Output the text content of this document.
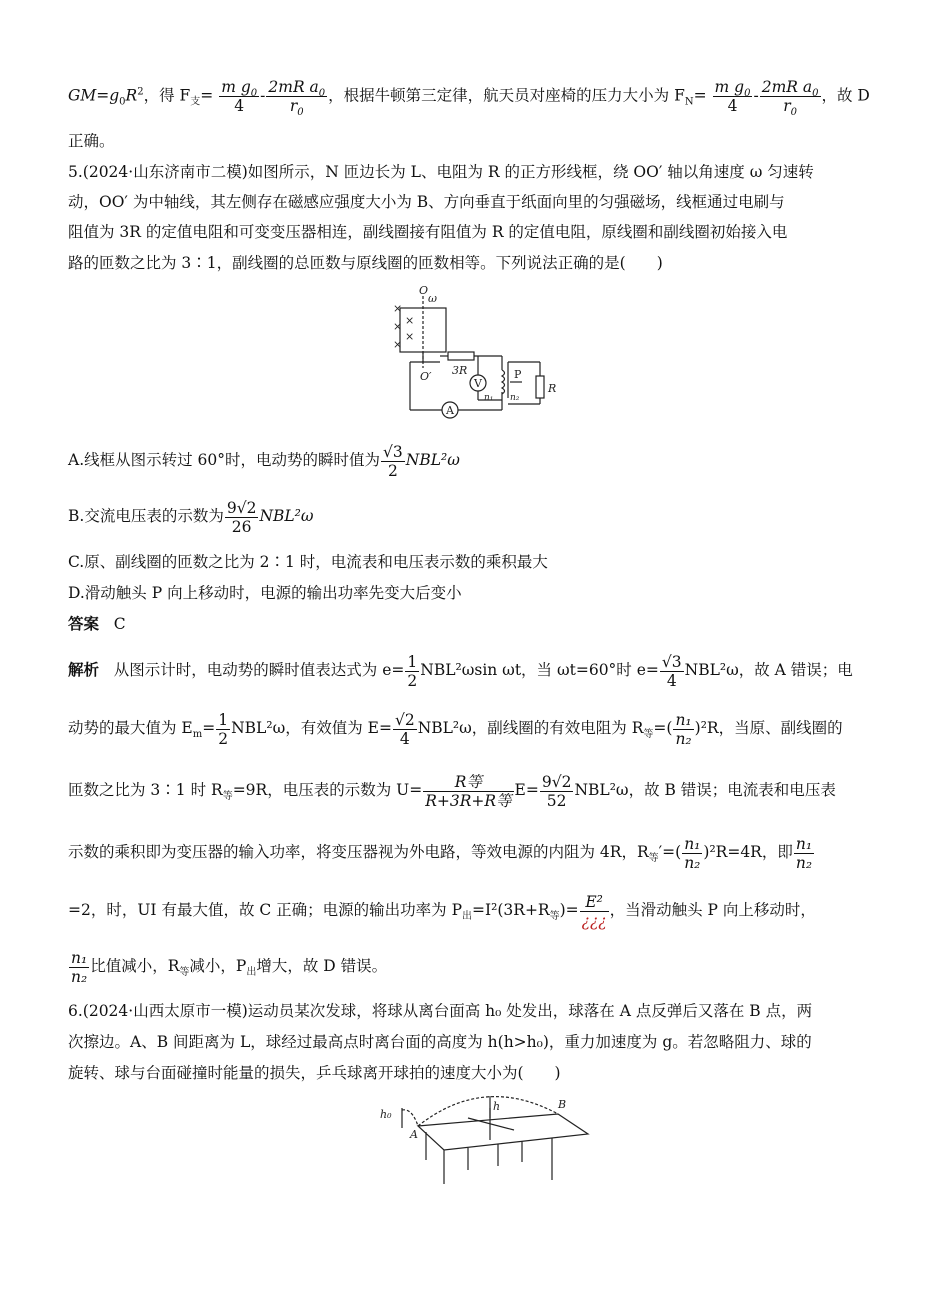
$GM=g_0R^2$，得 $F_支= \frac{m g_0}{4} - \frac{2mR a_0}{r_0}$ ，根据牛顿第三定律，航天员对座椅的压力大小为 $F_N= \frac{m g_0}{4} - \frac{2mR a_0}{r_0}$ ，故 D
正确。
5.(2024·山东济南市二模)如图所示，N 匝边长为 L、电阻为 R 的正方形线框，绕 OO′ 轴以角速度 ω 匀速转
动，OO′ 为中轴线，其左侧存在磁感应强度大小为 B、方向垂直于纸面向里的匀强磁场，线框通过电刷与
阻值为 3R 的定值电阻和可变变压器相连，副线圈接有阻值为 R 的定值电阻，原线圈和副线圈初始接入电
路的匝数之比为 3∶1，副线圈的总匝数与原线圈的匝数相等。下列说法正确的是(　　)
×
×
×
×
×
O
ω
O′ 3R
V
P
n₁ n₂
R
A
A.线框从图示转过 60°时，电动势的瞬时值为 $\frac{√3}{2} NBL^2\omega$
B.交流电压表的示数为 $\frac{9√2}{26} NBL^2\omega$
C.原、副线圈的匝数之比为 2∶1 时，电流表和电压表示数的乘积最大
D.滑动触头 P 向上移动时，电源的输出功率先变大后变小
答案 C
解析 从图示计时，电动势的瞬时值表达式为 $e= \frac{1}{2} NBL^2\omega\sin$ ωt，当 ωt=60°时 $e= \frac{√3}{4} NBL^2\omega$，故 A 错误；电
动势的最大值为 $E_m= \frac{1}{2} NBL^2\omega$，有效值为 $E= \frac{√2}{4} NBL^2\omega$，副线圈的有效电阻为 $R_等=( \frac{\text{n₁}}{\text{n₂}} )^2R$，当原、副线圈的
匝数之比为 3∶1 时 $R_等=9R$，电压表的示数为 $U= \frac{\text{R等}}{\text{R+3R+R等}} E= \frac{9√2}{52} NBL^2\omega$，故 B 错误；电流表和电压表
示数的乘积即为变压器的输入功率，将变压器视为外电路，等效电源的内阻为 4R，$R_等'=( \frac{\text{n₁}}{\text{n₂}} )^2R=4R$，即 $\frac{\text{n₁}}{\text{n₂}}$
=2，时，UI 有最大值，故 C 正确；电源的输出功率为 $P_出=I^2(3R+R_等)= \frac{\text{E²}}{¿¿¿}$ ，当滑动触头 P 向上移动时，
$\frac{\text{n₁}}{\text{n₂}}$ 比值减小，$R_等$减小，$P_出$增大，故 D 错误。
6.(2024·山西太原市一模)运动员某次发球，将球从离台面高 h₀ 处发出，球落在 A 点反弹后又落在 B 点，两
次擦边。A、B 间距离为 L，球经过最高点时离台面的高度为 h(h>h₀)，重力加速度为 g。若忽略阻力、球的
旋转、球与台面碰撞时能量的损失，乒乓球离开球拍的速度大小为(　　)
h₀
h
A
B
